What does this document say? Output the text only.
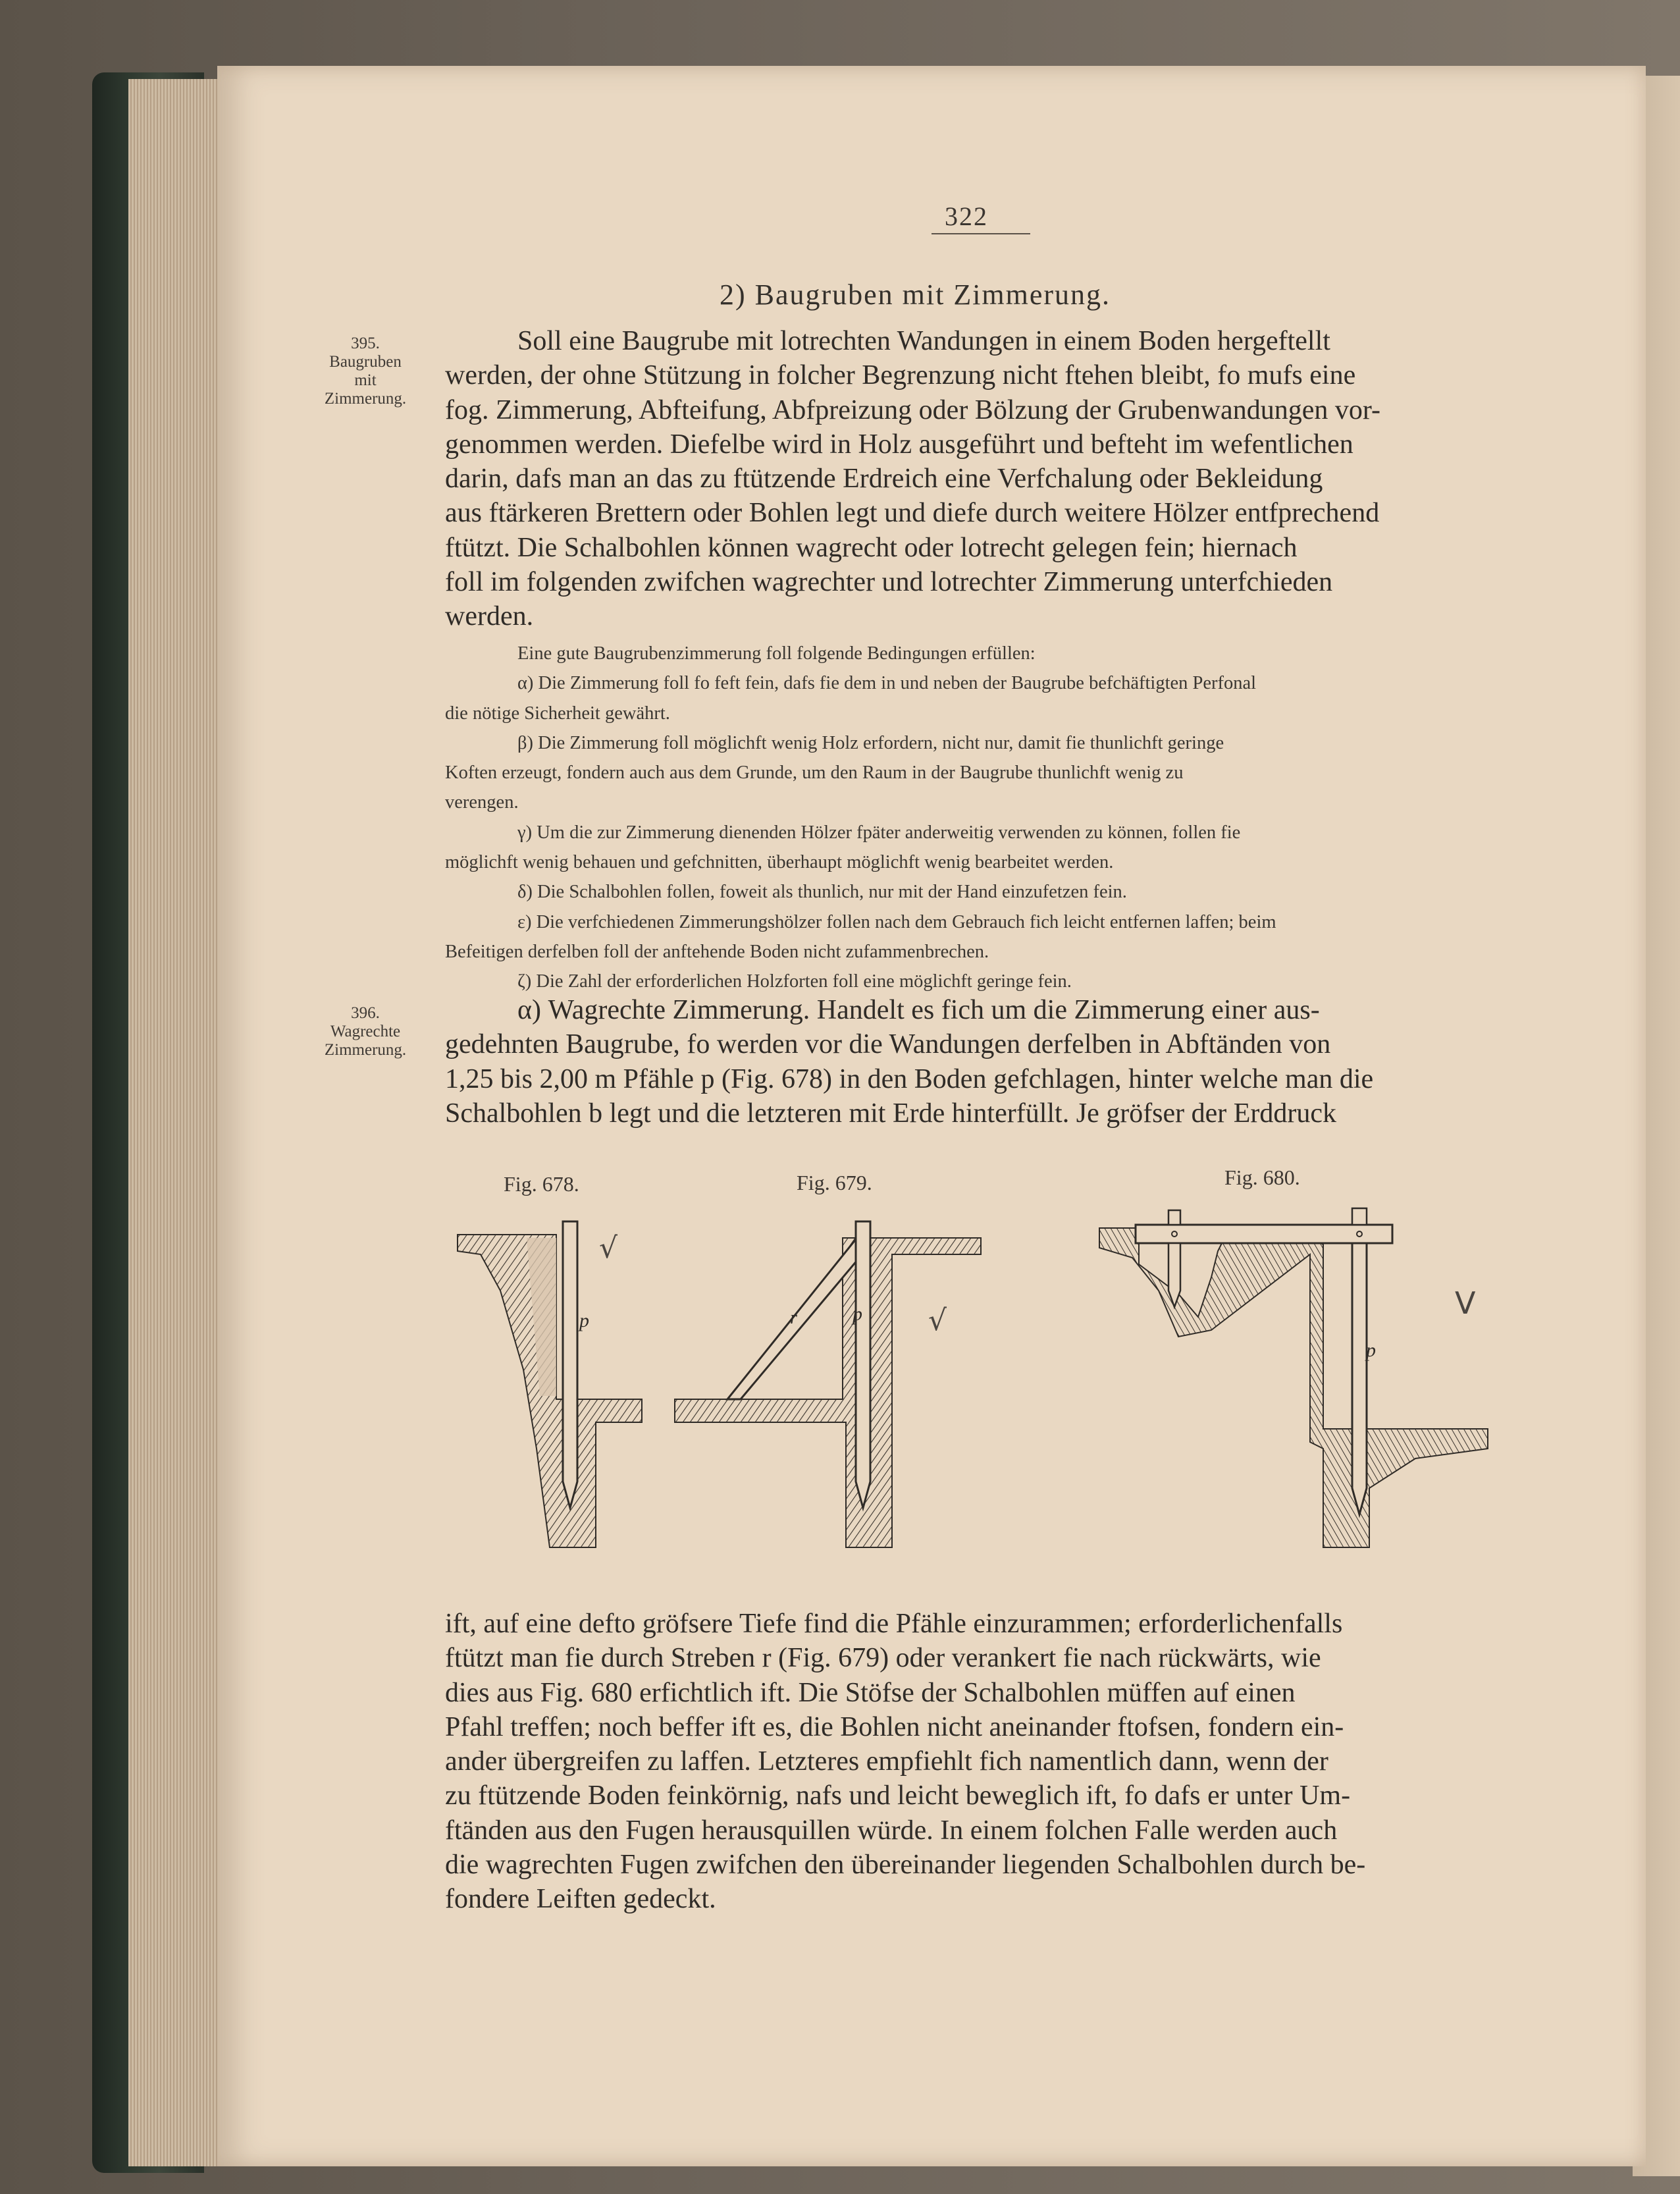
322
2) Baugruben mit Zimmerung.
395.
Baugruben
mit
Zimmerung.
396.
Wagrechte
Zimmerung.
Soll eine Baugrube mit lotrechten Wandungen in einem Boden hergeftellt
werden, der ohne Stützung in folcher Begrenzung nicht ftehen bleibt, fo mufs eine
fog. Zimmerung, Abfteifung, Abfpreizung oder Bölzung der Grubenwandungen vor-
genommen werden. Diefelbe wird in Holz ausgeführt und befteht im wefentlichen
darin, dafs man an das zu ftützende Erdreich eine Verfchalung oder Bekleidung
aus ftärkeren Brettern oder Bohlen legt und diefe durch weitere Hölzer entfprechend
ftützt. Die Schalbohlen können wagrecht oder lotrecht gelegen fein; hiernach
foll im folgenden zwifchen wagrechter und lotrechter Zimmerung unterfchieden
werden.
Eine gute Baugrubenzimmerung foll folgende Bedingungen erfüllen:
α) Die Zimmerung foll fo feft fein, dafs fie dem in und neben der Baugrube befchäftigten Perfonal
die nötige Sicherheit gewährt.
β) Die Zimmerung foll möglichft wenig Holz erfordern, nicht nur, damit fie thunlichft geringe
Koften erzeugt, fondern auch aus dem Grunde, um den Raum in der Baugrube thunlichft wenig zu
verengen.
γ) Um die zur Zimmerung dienenden Hölzer fpäter anderweitig verwenden zu können, follen fie
möglichft wenig behauen und gefchnitten, überhaupt möglichft wenig bearbeitet werden.
δ) Die Schalbohlen follen, foweit als thunlich, nur mit der Hand einzufetzen fein.
ε) Die verfchiedenen Zimmerungshölzer follen nach dem Gebrauch fich leicht entfernen laffen; beim
Befeitigen derfelben foll der anftehende Boden nicht zufammenbrechen.
ζ) Die Zahl der erforderlichen Holzforten foll eine möglichft geringe fein.
α) Wagrechte Zimmerung. Handelt es fich um die Zimmerung einer aus-
gedehnten Baugrube, fo werden vor die Wandungen derfelben in Abftänden von
1,25 bis 2,00 m Pfähle p (Fig. 678) in den Boden gefchlagen, hinter welche man die
Schalbohlen b legt und die letzteren mit Erde hinterfüllt. Je gröfser der Erddruck
Fig. 678.	Fig. 679.	Fig. 680.
p	p
r
p
√
√	V
ift, auf eine defto gröfsere Tiefe find die Pfähle einzurammen; erforderlichenfalls
ftützt man fie durch Streben r (Fig. 679) oder verankert fie nach rückwärts, wie
dies aus Fig. 680 erfichtlich ift. Die Stöfse der Schalbohlen müffen auf einen
Pfahl treffen; noch beffer ift es, die Bohlen nicht aneinander ftofsen, fondern ein-
ander übergreifen zu laffen. Letzteres empfiehlt fich namentlich dann, wenn der
zu ftützende Boden feinkörnig, nafs und leicht beweglich ift, fo dafs er unter Um-
ftänden aus den Fugen herausquillen würde. In einem folchen Falle werden auch
die wagrechten Fugen zwifchen den übereinander liegenden Schalbohlen durch be-
fondere Leiften gedeckt.
